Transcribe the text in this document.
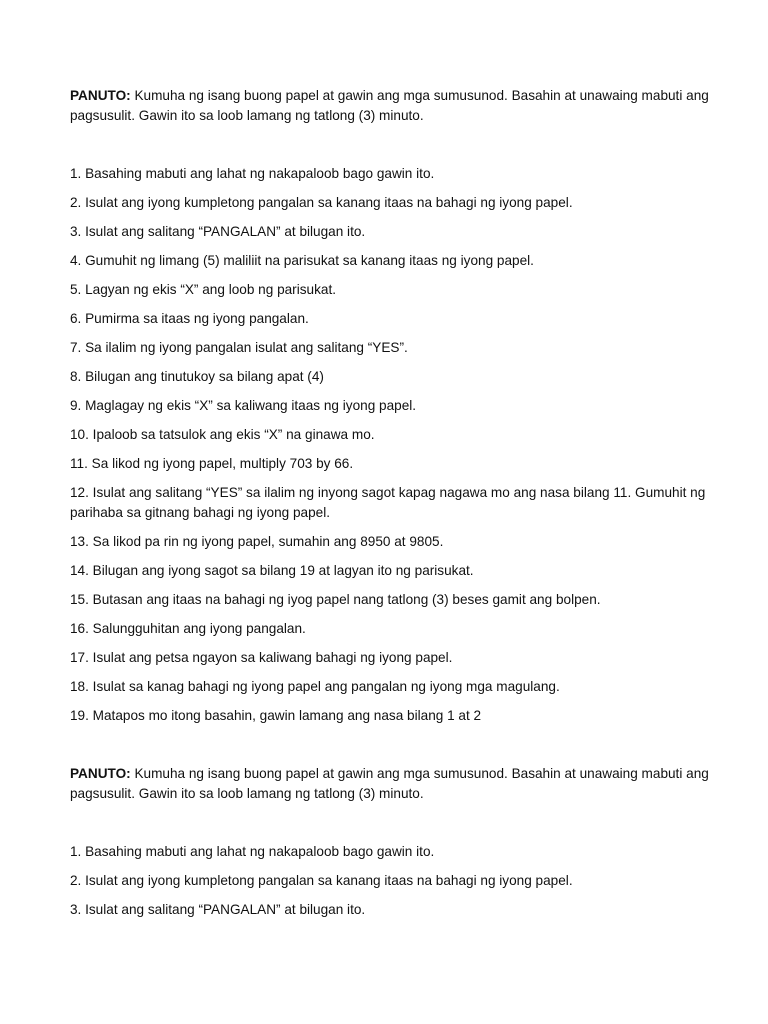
PANUTO: Kumuha ng isang buong papel at gawin ang mga sumusunod. Basahin at unawaing mabuti ang pagsusulit. Gawin ito sa loob lamang ng tatlong (3) minuto.
1. Basahing mabuti ang lahat ng nakapaloob bago gawin ito.
2. Isulat ang iyong kumpletong pangalan sa kanang itaas na bahagi ng iyong papel.
3. Isulat ang salitang “PANGALAN” at bilugan ito.
4. Gumuhit ng limang (5) maliliit na parisukat sa kanang itaas ng iyong papel.
5. Lagyan ng ekis “X” ang loob ng parisukat.
6. Pumirma sa itaas ng iyong pangalan.
7. Sa ilalim ng iyong pangalan isulat ang salitang “YES”.
8. Bilugan ang tinutukoy sa bilang apat (4)
9. Maglagay ng ekis “X” sa kaliwang itaas ng iyong papel.
10. Ipaloob sa tatsulok ang ekis “X” na ginawa mo.
11. Sa likod ng iyong papel, multiply 703 by 66.
12. Isulat ang salitang “YES” sa ilalim ng inyong sagot kapag nagawa mo ang nasa bilang 11. Gumuhit ng parihaba sa gitnang bahagi ng iyong papel.
13. Sa likod pa rin ng iyong papel, sumahin ang 8950 at 9805.
14. Bilugan ang iyong sagot sa bilang 19 at lagyan ito ng parisukat.
15. Butasan ang itaas na bahagi ng iyog papel nang tatlong (3) beses gamit ang bolpen.
16. Salungguhitan ang iyong pangalan.
17. Isulat ang petsa ngayon sa kaliwang bahagi ng iyong papel.
18. Isulat sa kanag bahagi ng iyong papel ang pangalan ng iyong mga magulang.
19. Matapos mo itong basahin, gawin lamang ang nasa bilang 1 at 2
PANUTO: Kumuha ng isang buong papel at gawin ang mga sumusunod. Basahin at unawaing mabuti ang pagsusulit. Gawin ito sa loob lamang ng tatlong (3) minuto.
1. Basahing mabuti ang lahat ng nakapaloob bago gawin ito.
2. Isulat ang iyong kumpletong pangalan sa kanang itaas na bahagi ng iyong papel.
3. Isulat ang salitang “PANGALAN” at bilugan ito.
